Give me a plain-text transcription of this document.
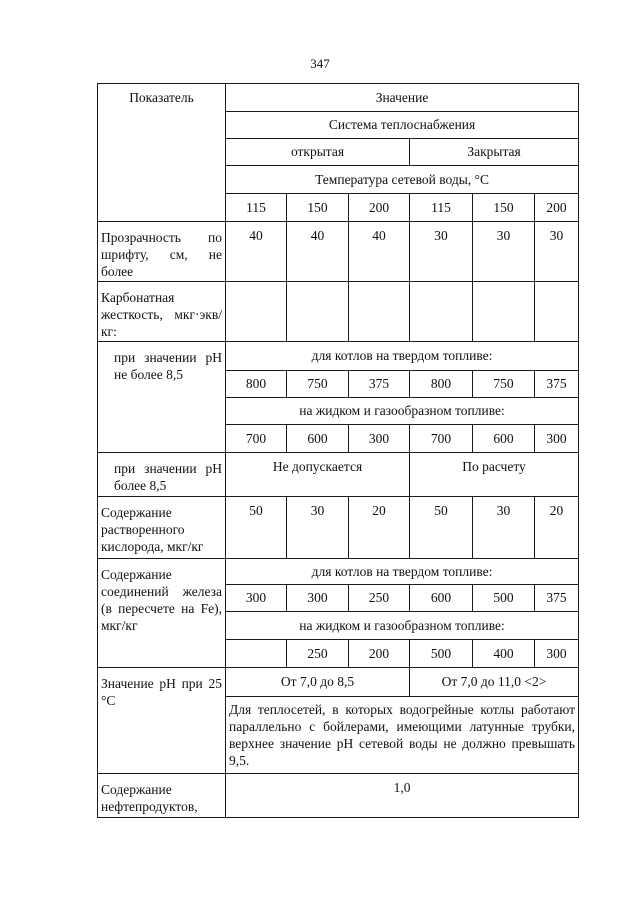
347
Показатель	Значение					
	Система теплоснабжения					
	открытая			Закрытая		
	Температура сетевой воды, °С					
	115	150	200	115	150	200
Прозрачность по шрифту, см, не более	40	40	40	30	30	30
Карбонатная жесткость, мкг·экв/кг:						
при значении рН не более 8,5	для котлов на твердом топливе:					
	800	750	375	800	750	375
	на жидком и газообразном топливе:					
	700	600	300	700	600	300
при значении рН более 8,5	Не допускается			По расчету		
Содержание растворенного кислорода, мкг/кг	50	30	20	50	30	20
Содержание соединений железа (в пересчете на Fe), мкг/кг	для котлов на твердом топливе:					
	300	300	250	600	500	375
	на жидком и газообразном топливе:					
		250	200	500	400	300
Значение рН при 25 °С	От 7,0 до 8,5			От 7,0 до 11,0 <2>		
	Для теплосетей, в которых водогрейные котлы работают параллельно с бойлерами, имеющими латунные трубки, верхнее значение рН сетевой воды не должно превышать 9,5.					
Содержание нефтепродуктов,	1,0					
